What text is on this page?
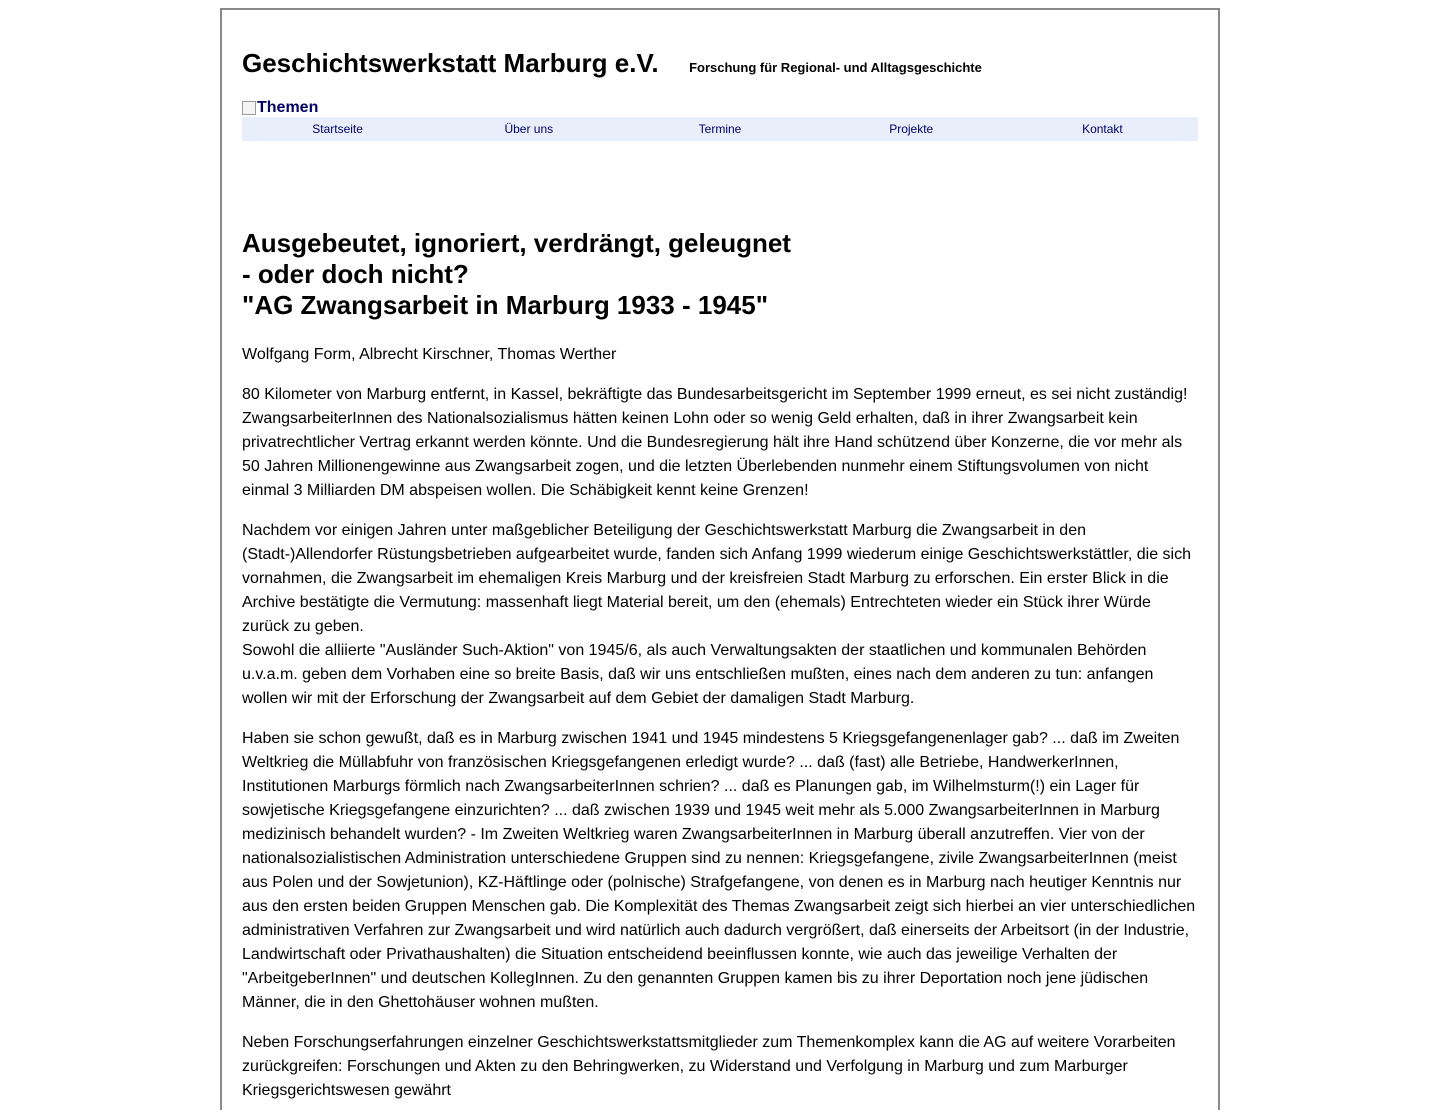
Geschichtswerkstatt Marburg e.V. Forschung für Regional- und Alltagsgeschichte
Themen
Startseite	Über uns	Termine	Projekte	Kontakt
Ausgebeutet, ignoriert, verdrängt, geleugnet
- oder doch nicht?
"AG Zwangsarbeit in Marburg 1933 - 1945"

Wolfgang Form, Albrecht Kirschner, Thomas Werther

80 Kilometer von Marburg entfernt, in Kassel, bekräftigte das Bundesarbeitsgericht im September 1999 erneut, es sei nicht zuständig! ZwangsarbeiterInnen des Nationalsozialismus hätten keinen Lohn oder so wenig Geld erhalten, daß in ihrer Zwangsarbeit kein privatrechtlicher Vertrag erkannt werden könnte. Und die Bundesregierung hält ihre Hand schützend über Konzerne, die vor mehr als 50 Jahren Millionengewinne aus Zwangsarbeit zogen, und die letzten Überlebenden nunmehr einem Stiftungsvolumen von nicht einmal 3 Milliarden DM abspeisen wollen. Die Schäbigkeit kennt keine Grenzen!

Nachdem vor einigen Jahren unter maßgeblicher Beteiligung der Geschichtswerkstatt Marburg die Zwangsarbeit in den (Stadt-)Allendorfer Rüstungsbetrieben aufgearbeitet wurde, fanden sich Anfang 1999 wiederum einige Geschichtswerkstättler, die sich vornahmen, die Zwangsarbeit im ehemaligen Kreis Marburg und der kreisfreien Stadt Marburg zu erforschen. Ein erster Blick in die Archive bestätigte die Vermutung: massenhaft liegt Material bereit, um den (ehemals) Entrechteten wieder ein Stück ihrer Würde zurück zu geben.
Sowohl die alliierte "Ausländer Such-Aktion" von 1945/6, als auch Verwaltungsakten der staatlichen und kommunalen Behörden u.v.a.m. geben dem Vorhaben eine so breite Basis, daß wir uns entschließen mußten, eines nach dem anderen zu tun: anfangen wollen wir mit der Erforschung der Zwangsarbeit auf dem Gebiet der damaligen Stadt Marburg.

Haben sie schon gewußt, daß es in Marburg zwischen 1941 und 1945 mindestens 5 Kriegsgefangenenlager gab? ... daß im Zweiten Weltkrieg die Müllabfuhr von französischen Kriegsgefangenen erledigt wurde? ... daß (fast) alle Betriebe, HandwerkerInnen, Institutionen Marburgs förmlich nach ZwangsarbeiterInnen schrien? ... daß es Planungen gab, im Wilhelmsturm(!) ein Lager für sowjetische Kriegsgefangene einzurichten? ... daß zwischen 1939 und 1945 weit mehr als 5.000 ZwangsarbeiterInnen in Marburg medizinisch behandelt wurden? - Im Zweiten Weltkrieg waren ZwangsarbeiterInnen in Marburg überall anzutreffen. Vier von der nationalsozialistischen Administration unterschiedene Gruppen sind zu nennen: Kriegsgefangene, zivile ZwangsarbeiterInnen (meist aus Polen und der Sowjetunion), KZ-Häftlinge oder (polnische) Strafgefangene, von denen es in Marburg nach heutiger Kenntnis nur aus den ersten beiden Gruppen Menschen gab. Die Komplexität des Themas Zwangsarbeit zeigt sich hierbei an vier unterschiedlichen administrativen Verfahren zur Zwangsarbeit und wird natürlich auch dadurch vergrößert, daß einerseits der Arbeitsort (in der Industrie, Landwirtschaft oder Privathaushalten) die Situation entscheidend beeinflussen konnte, wie auch das jeweilige Verhalten der "ArbeitgeberInnen" und deutschen KollegInnen. Zu den genannten Gruppen kamen bis zu ihrer Deportation noch jene jüdischen Männer, die in den Ghettohäuser wohnen mußten.

Neben Forschungserfahrungen einzelner Geschichtswerkstattsmitglieder zum Themenkomplex kann die AG auf weitere Vorarbeiten zurückgreifen: Forschungen und Akten zu den Behringwerken, zu Widerstand und Verfolgung in Marburg und zum Marburger Kriegsgerichtswesen gewährt
